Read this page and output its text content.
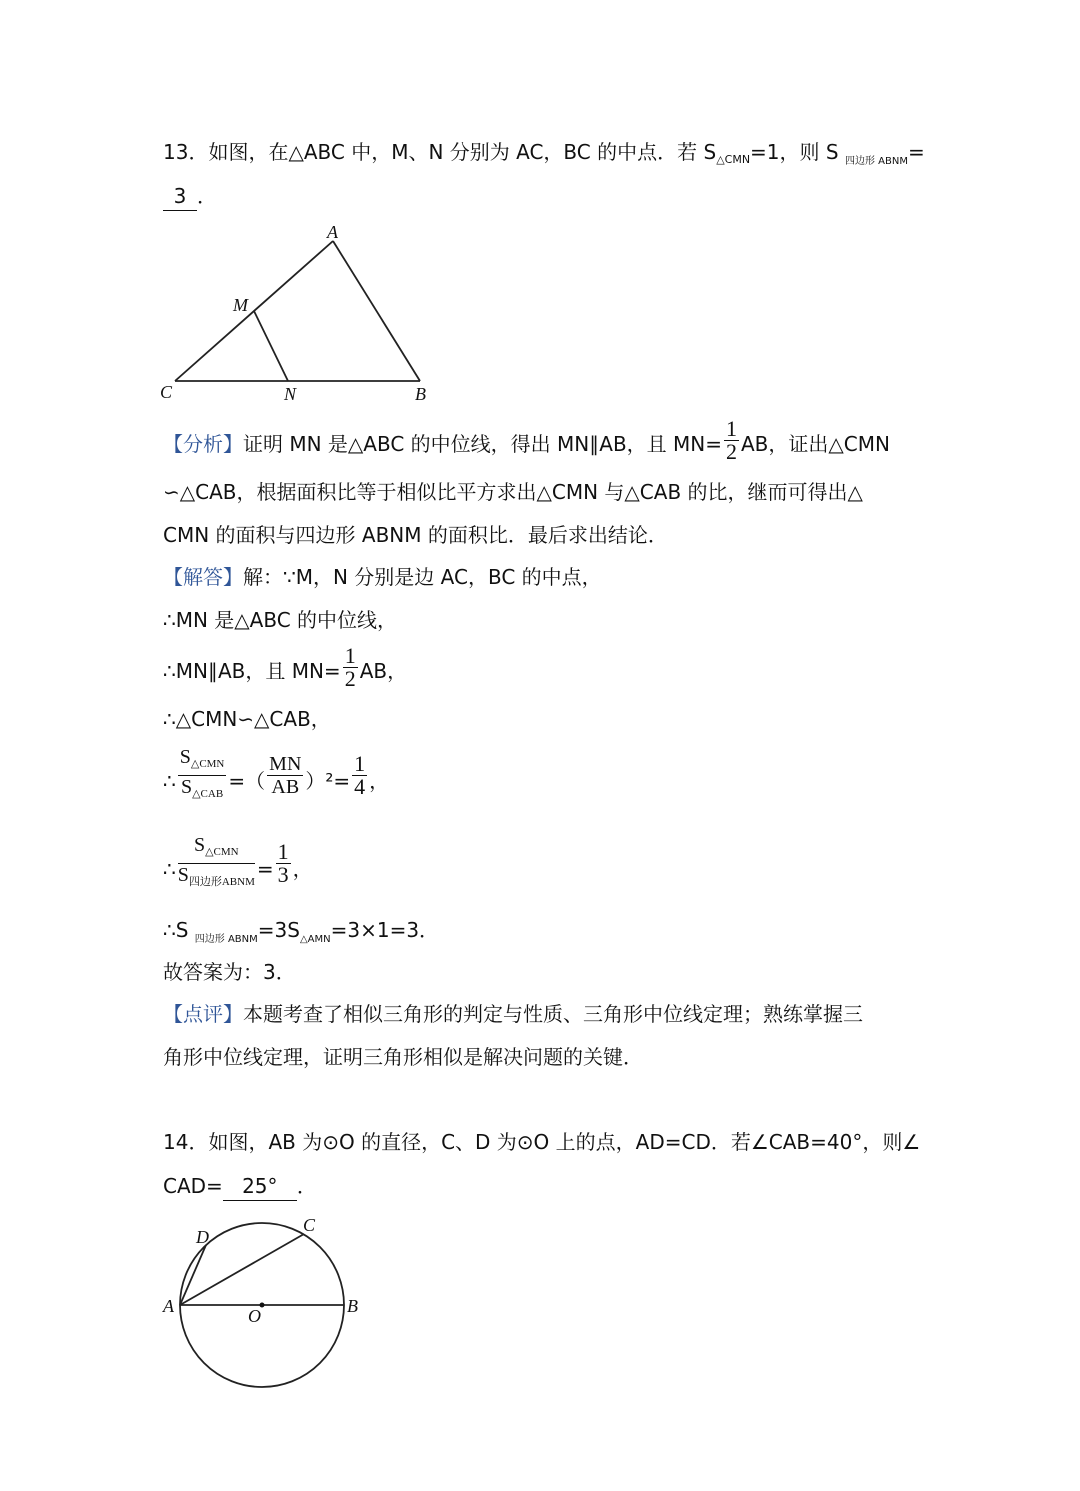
13．如图，在△ABC 中，M、N 分别为 AC，BC 的中点．若 $S_{\triangle CMN}=1$，则 S $_{四边形 ABNM}$=
3 ．
A
M
C	N	B
【分析】证明 MN 是△ABC 的中位线，得出 MN∥AB，且 $MN= \frac{1}{2}$ AB，证出△CMN
∽△CAB，根据面积比等于相似比平方求出△CMN 与△CAB 的比，继而可得出△
CMN 的面积与四边形 ABNM 的面积比．最后求出结论．
【解答】解：∵M，N 分别是边 AC，BC 的中点，
∴MN 是△ABC 的中位线，
∴MN∥AB，且 $MN= \frac{1}{2}$ AB，
∴△CMN∽△CAB，
∴ $\frac{S_{\triangle CMN}}{S_{\triangle CAB}}$ =（ $\frac{MN}{AB} )^2= \frac{1}{4}$ ，
∴ $\frac{S_{\triangle CMN}}{S_{四边形ABNM}} = \frac{1}{3}$ ，
∴S $_{四边形 ABNM}=3S_{\triangle AMN}=3\times 1=3$．
故答案为：3．
【点评】本题考查了相似三角形的判定与性质、三角形中位线定理；熟练掌握三
角形中位线定理，证明三角形相似是解决问题的关键．
14．如图，AB 为⊙O 的直径，C、D 为⊙O 上的点，AD=CD．若∠CAB=40°，则∠
CAD= 25° ．
D
C
A	O	B
